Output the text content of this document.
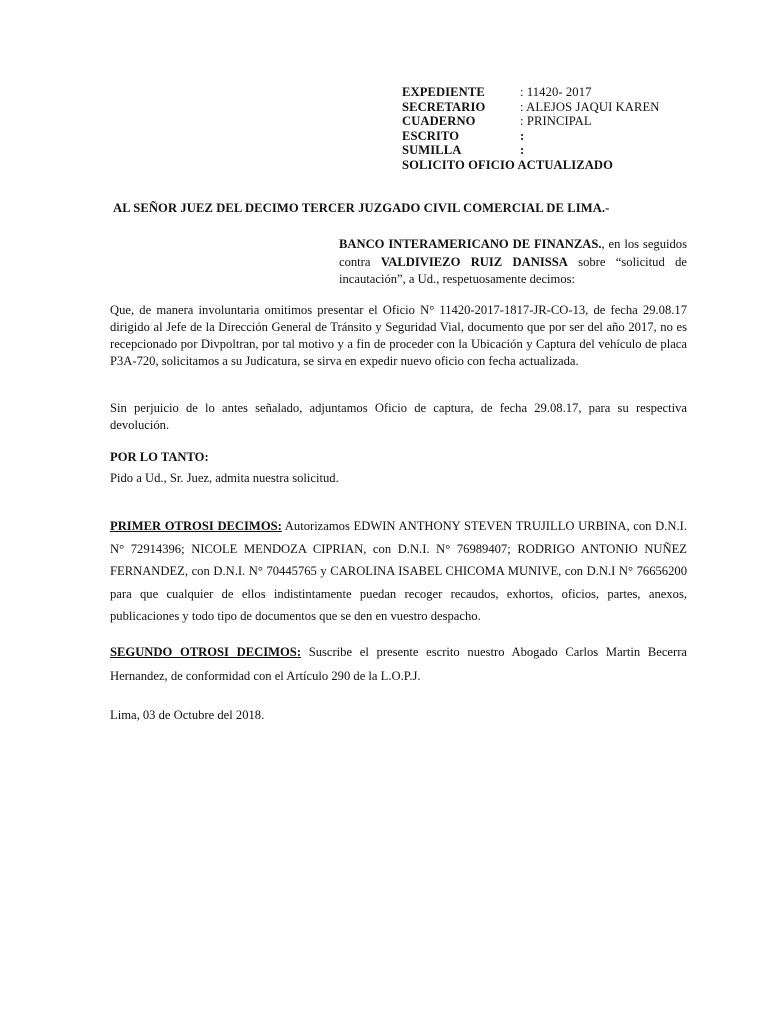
EXPEDIENTE	: 11420- 2017
SECRETARIO	: ALEJOS JAQUI KAREN
CUADERNO	: PRINCIPAL
ESCRITO	:
SUMILLA	:
SOLICITO OFICIO ACTUALIZADO
AL SEÑOR JUEZ DEL DECIMO TERCER JUZGADO CIVIL COMERCIAL DE LIMA.-
BANCO INTERAMERICANO DE FINANZAS., en los seguidos contra VALDIVIEZO RUIZ DANISSA sobre “solicitud de incautación”, a Ud., respetuosamente decimos:
Que, de manera involuntaria omitimos presentar el Oficio N° 11420-2017-1817-JR-CO-13, de fecha 29.08.17 dirigido al Jefe de la Dirección General de Tránsito y Seguridad Vial, documento que por ser del año 2017, no es recepcionado por Divpoltran, por tal motivo y a fin de proceder con la Ubicación y Captura del vehículo de placa P3A-720, solicitamos a su Judicatura, se sirva en expedir nuevo oficio con fecha actualizada.
Sin perjuicio de lo antes señalado, adjuntamos Oficio de captura, de fecha 29.08.17, para su respectiva devolución.
POR LO TANTO:
Pido a Ud., Sr. Juez, admita nuestra solicitud.
PRIMER OTROSI DECIMOS: Autorizamos EDWIN ANTHONY STEVEN TRUJILLO URBINA, con D.N.I. N° 72914396; NICOLE MENDOZA CIPRIAN, con D.N.I. N° 76989407; RODRIGO ANTONIO NUÑEZ FERNANDEZ, con D.N.I. N° 70445765 y CAROLINA ISABEL CHICOMA MUNIVE, con D.N.I N° 76656200 para que cualquier de ellos indistintamente puedan recoger recaudos, exhortos, oficios, partes, anexos, publicaciones y todo tipo de documentos que se den en vuestro despacho.
SEGUNDO OTROSI DECIMOS: Suscribe el presente escrito nuestro Abogado Carlos Martin Becerra Hernandez, de conformidad con el Artículo 290 de la L.O.P.J.
Lima, 03 de Octubre del 2018.
